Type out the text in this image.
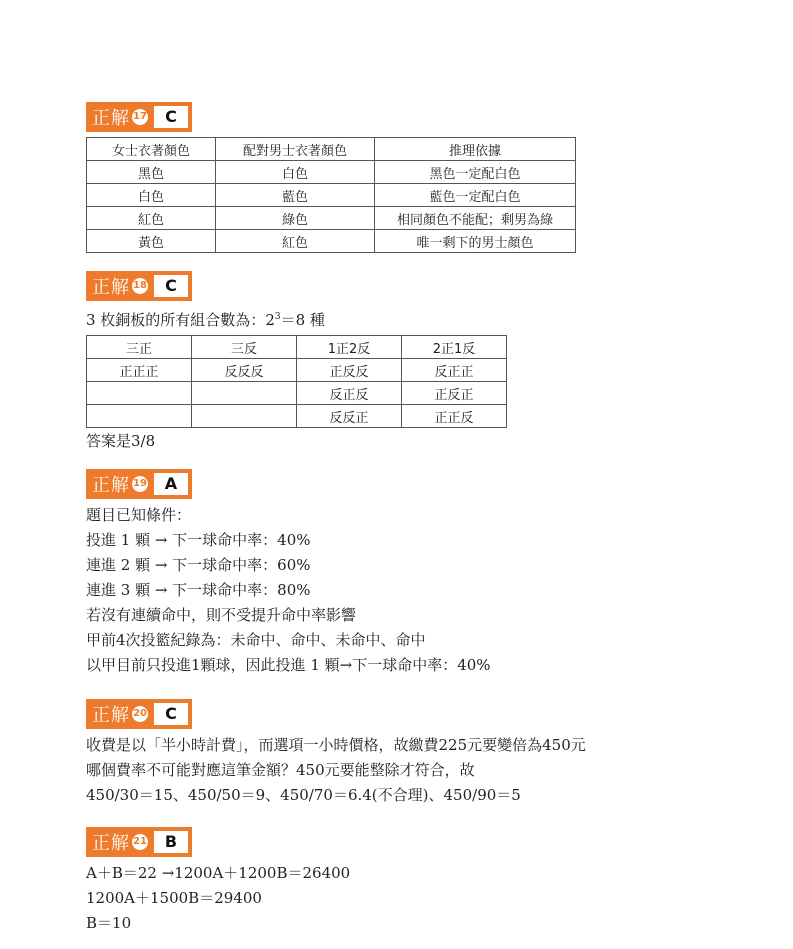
正解 17	C
女士衣著顏色	配對男士衣著顏色	推理依據
黑色	白色	黑色一定配白色
白色	藍色	藍色一定配白色
紅色	綠色	相同顏色不能配；剩男為綠
黃色	紅色	唯一剩下的男士顏色
正解 18	C
3 枚銅板的所有組合數為：$2^3=8$ 種
三正	三反	1正2反	2正1反
正正正	反反反	正反反	反正正
		反正反	正反正
		反反正	正正反
答案是3/8
正解 19	A
題目已知條件：
投進 1 顆 → 下一球命中率：40%
連進 2 顆 → 下一球命中率：60%
連進 3 顆 → 下一球命中率：80%
若沒有連續命中，則不受提升命中率影響
甲前4次投籃紀錄為：未命中、命中、未命中、命中
以甲目前只投進1顆球，因此投進 1 顆→下一球命中率：40%
正解 20	C
收費是以「半小時計費」，而選項一小時價格，故繳費225元要變倍為450元
哪個費率不可能對應這筆金額？450元要能整除才符合，故
450/30＝15、450/50＝9、450/70＝6.4(不合理)、450/90＝5
正解 21	B
A＋B＝22 →1200A＋1200B＝26400
1200A＋1500B＝29400
B＝10
